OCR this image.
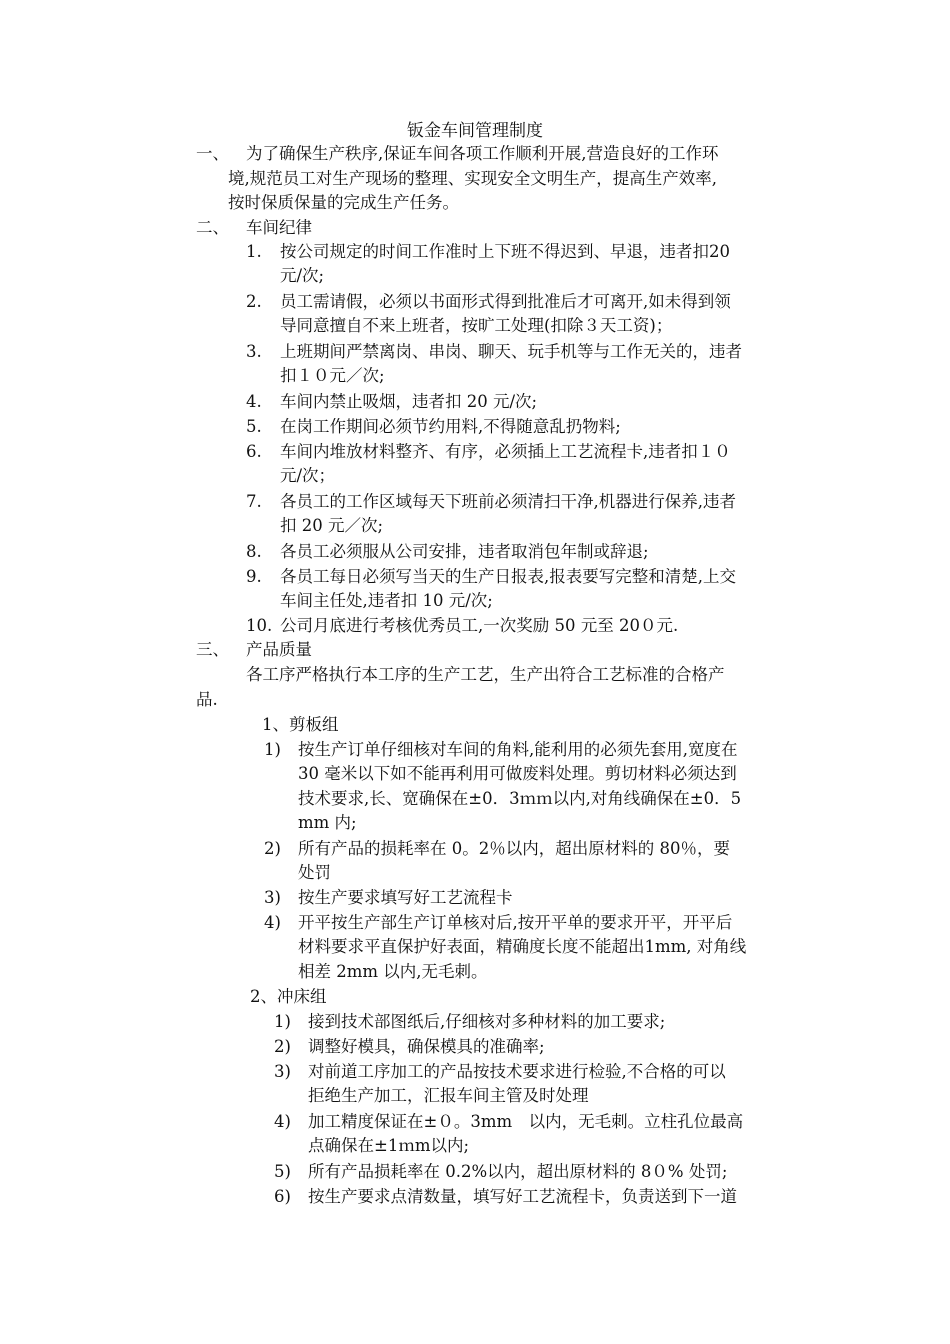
钣金车间管理制度
一、 为了确保生产秩序,保证车间各项工作顺利开展,营造良好的工作环
境,规范员工对生产现场的整理、实现安全文明生产，提高生产效率,
按时保质保量的完成生产任务。
二、 车间纪律
1. 按公司规定的时间工作准时上下班不得迟到、早退，违者扣20
元/次;
2. 员工需请假，必须以书面形式得到批准后才可离开,如未得到领
导同意擅自不来上班者，按旷工处理(扣除３天工资)；
3. 上班期间严禁离岗、串岗、聊天、玩手机等与工作无关的，违者
扣１０元／次;
4. 车间内禁止吸烟，违者扣 20 元/次;
5. 在岗工作期间必须节约用料,不得随意乱扔物料;
6. 车间内堆放材料整齐、有序，必须插上工艺流程卡,违者扣１０
元/次；
7. 各员工的工作区域每天下班前必须清扫干净,机器进行保养,违者
扣 20 元／次;
8. 各员工必须服从公司安排，违者取消包年制或辞退;
9. 各员工每日必须写当天的生产日报表,报表要写完整和清楚,上交
车间主任处,违者扣 10 元/次;
10. 公司月底进行考核优秀员工,一次奖励 50 元至 20０元.
三、 产品质量
各工序严格执行本工序的生产工艺，生产出符合工艺标准的合格产
品.
1、剪板组
1) 按生产订单仔细核对车间的角料,能利用的必须先套用,宽度在
30 毫米以下如不能再利用可做废料处理。剪切材料必须达到
技术要求,长、宽确保在±0．3ｍｍ以内,对角线确保在±0．5
mm 内;
2) 所有产品的损耗率在 0。2％以内，超出原材料的 80％，要
处罚
3) 按生产要求填写好工艺流程卡
4) 开平按生产部生产订单核对后,按开平单的要求开平，开平后
材料要求平直保护好表面，精确度长度不能超出1mm, 对角线
相差 2mm 以内,无毛刺。
2、冲床组
1) 接到技术部图纸后,仔细核对多种材料的加工要求;
2) 调整好模具，确保模具的准确率;
3) 对前道工序加工的产品按技术要求进行检验,不合格的可以
拒绝生产加工，汇报车间主管及时处理
4) 加工精度保证在±０。3mm　以内，无毛刺。立柱孔位最高
点确保在±1ｍm以内;
5) 所有产品损耗率在 0.2%以内，超出原材料的 8０% 处罚;
6) 按生产要求点清数量，填写好工艺流程卡，负责送到下一道
